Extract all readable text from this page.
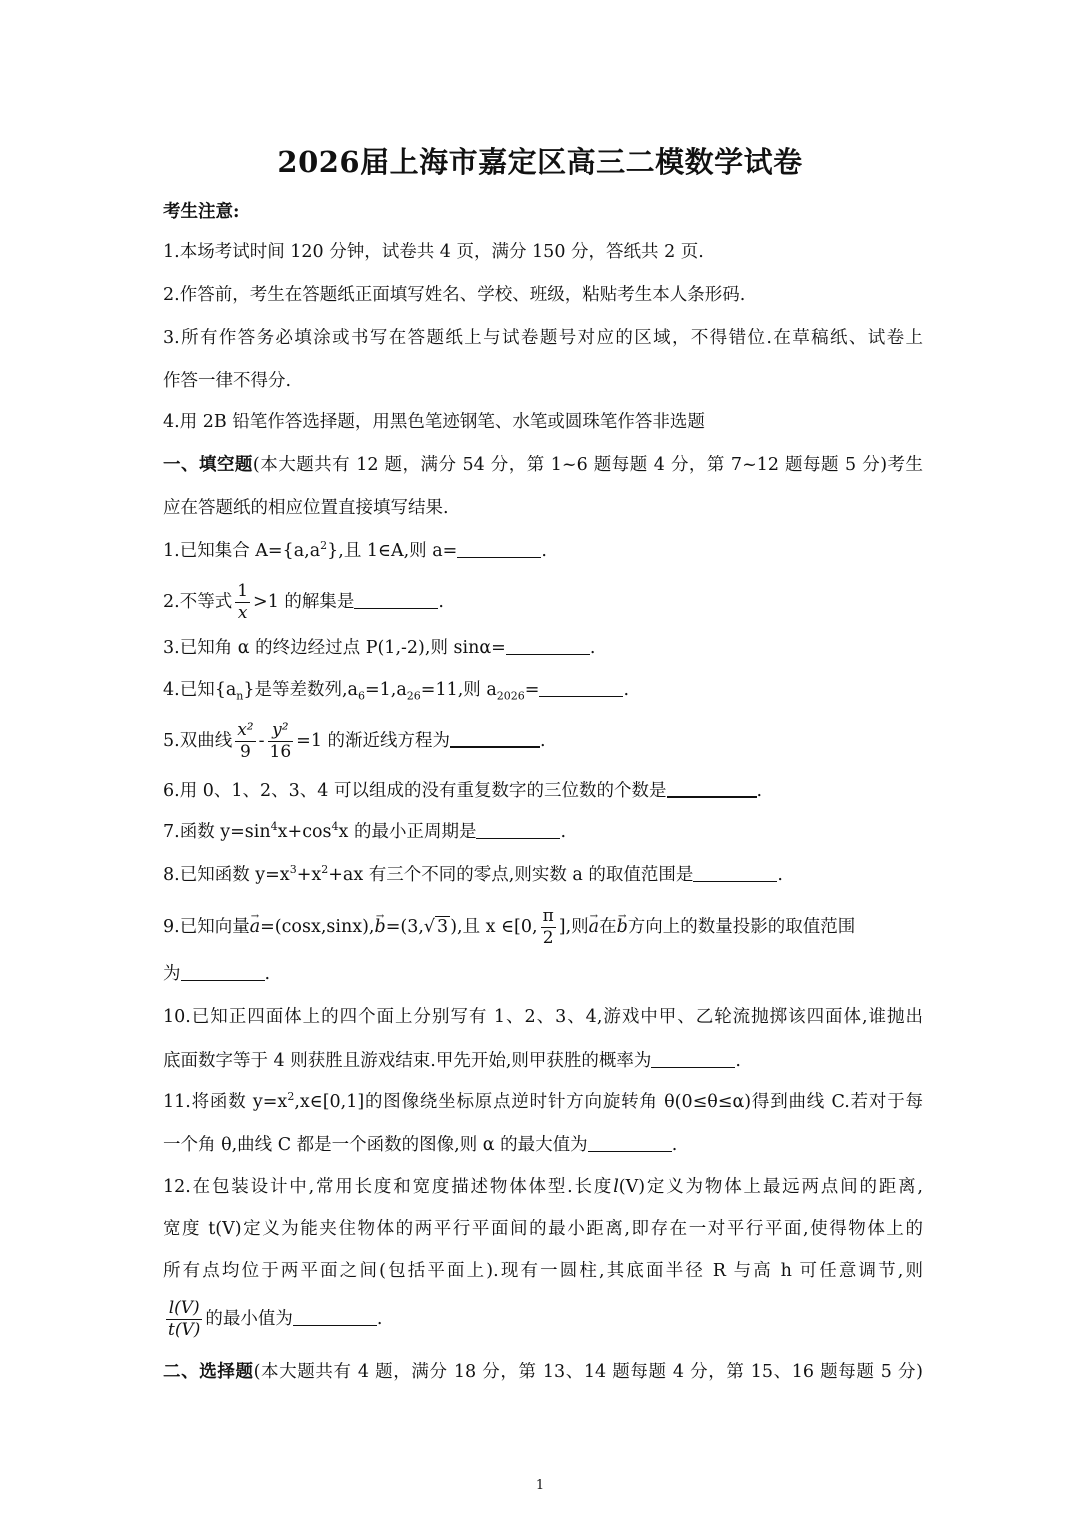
2026届上海市嘉定区高三二模数学试卷
考生注意:
1.本场考试时间 120 分钟，试卷共 4 页，满分 150 分，答纸共 2 页.
2.作答前，考生在答题纸正面填写姓名、学校、班级，粘贴考生本人条形码.
3.所有作答务必填涂或书写在答题纸上与试卷题号对应的区域，不得错位.在草稿纸、试卷上
作答一律不得分.
4.用 2B 铅笔作答选择题，用黑色笔迹钢笔、水笔或圆珠笔作答非选题
一、填空题(本大题共有 12 题，满分 54 分，第 1~6 题每题 4 分，第 7~12 题每题 5 分)考生
应在答题纸的相应位置直接填写结果.
1.已知集合 $A=\{a,a^2\}$,且 1∈A,则 a=	.
2.不等式 $\frac{1}{x} >1$ 的解集是	.
3.已知角 α 的终边经过点 P(1,-2),则 sinα=	.
4.已知$\{a_n\}$是等差数列$,a_6=1,a_{26}=11$,则 $a_{2026}=$	.
5.双曲线 $\frac{\text{x²}}{9} - \frac{\text{y²}}{16} =1$ 的渐近线方程为	.
6.用 0、1、2、3、4 可以组成的没有重复数字的三位数的个数是	.
7.函数 $y=\sin^4x+\cos^4x$ 的最小正周期是	.
8.已知函数 $y=x^3+x^2+ax$ 有三个不同的零点,则实数 a 的取值范围是	.
9.已知向量→ a=(cosx,sinx),→ b=(3,√ 3 ),且 x ∈[0, $\frac{\pi}{2}$ ],则→ a在→ b方向上的数量投影的取值范围
为	.
10.已知正四面体上的四个面上分别写有 1、2、3、4,游戏中甲、乙轮流抛掷该四面体,谁抛出
底面数字等于 4 则获胜且游戏结束.甲先开始,则甲获胜的概率为	.
11.将函数 $y=x^2,x\in[0,1]$的图像绕坐标原点逆时针方向旋转角 θ(0≤θ≤α)得到曲线 C.若对于每
一个角 θ,曲线 C 都是一个函数的图像,则 α 的最大值为	.
12.在包装设计中,常用长度和宽度描述物体体型.长度l(V)定义为物体上最远两点间的距离,
宽度 t(V)定义为能夹住物体的两平行平面间的最小距离,即存在一对平行平面,使得物体上的
所有点均位于两平面之间(包括平面上).现有一圆柱,其底面半径 R 与高 h 可任意调节,则
$\frac{l(V)}{t(V)}$ 的最小值为	.
二、选择题(本大题共有 4 题，满分 18 分，第 13、14 题每题 4 分，第 15、16 题每题 5 分)
1
